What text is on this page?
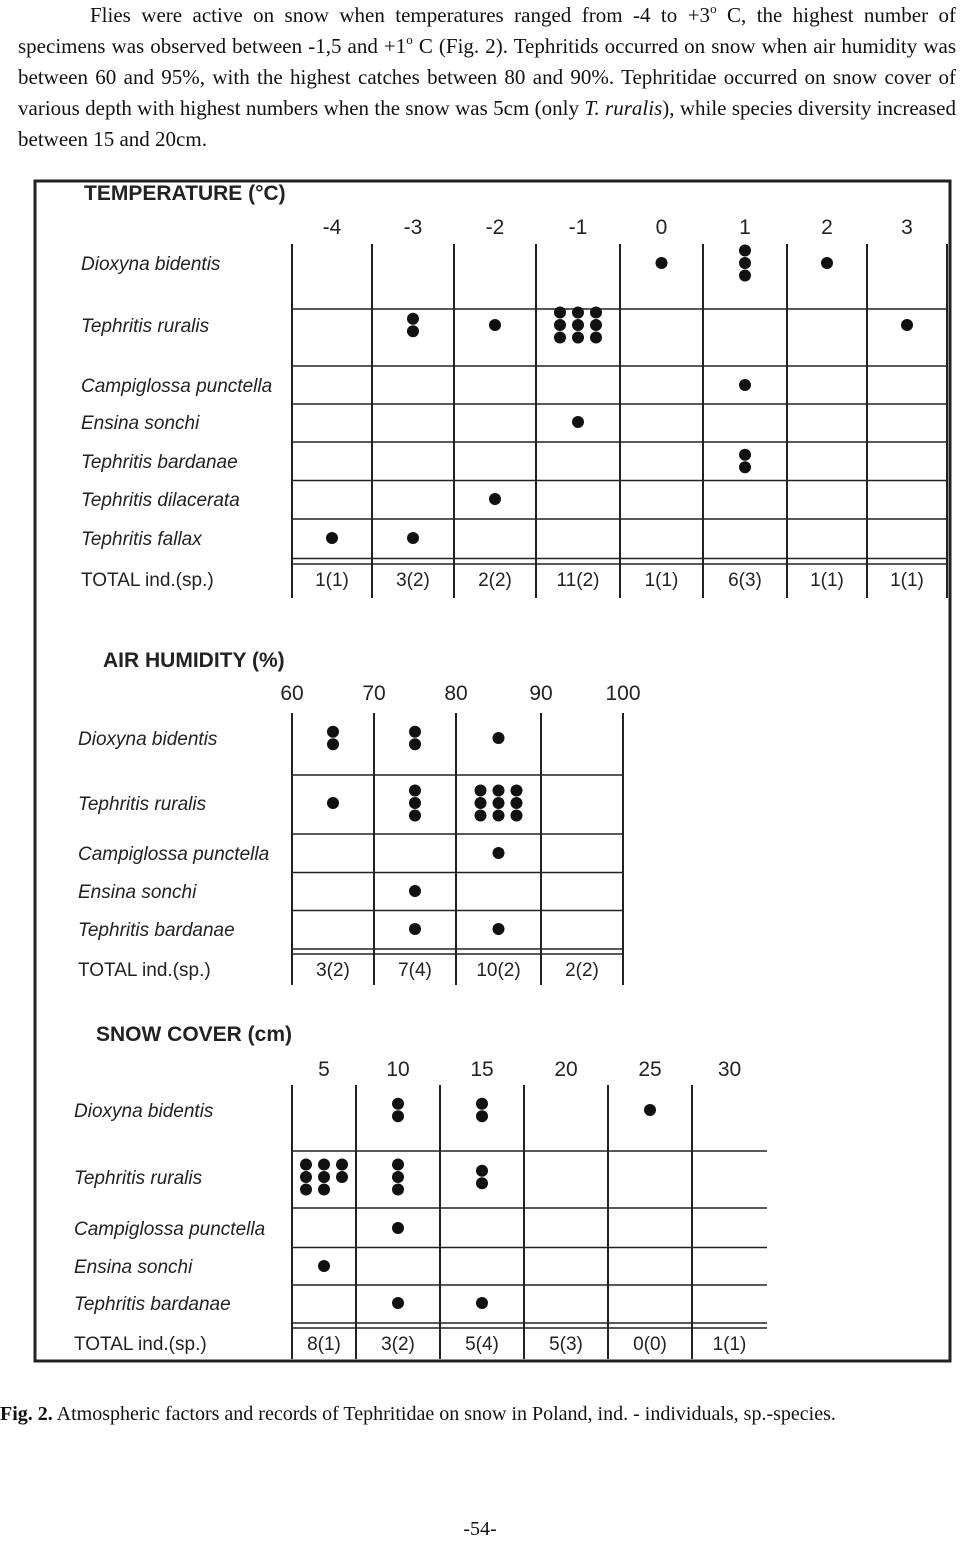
Flies were active on snow when temperatures ranged from -4 to $+3^o$ C, the highest number of specimens was observed between -1,5 and $+1^o$ C (Fig. 2). Tephritids occurred on snow when air humidity was between 60 and 95%, with the highest catches between 80 and 90%. Tephritidae occurred on snow cover of various depth with highest numbers when the snow was 5cm (only T. ruralis), while species diversity increased between 15 and 20cm.
TEMPERATURE (°C)
-4	-3	-2	-1	0	1	2	3
Dioxyna bidentis
Tephritis ruralis
Campiglossa punctella
Ensina sonchi
Tephritis bardanae
Tephritis dilacerata
Tephritis fallax
TOTAL ind.(sp.)	1(1) 3(2)	2(2) 11(2) 1(1)	6(3)	1(1) 1(1)
AIR HUMIDITY (%)
60	70	80	90	100
Dioxyna bidentis
Tephritis ruralis
Campiglossa punctella
Ensina sonchi
Tephritis bardanae
TOTAL ind.(sp.)	3(2)	7(4) 10(2) 2(2)
SNOW COVER (cm)
5	10	15	20	25	30
Dioxyna bidentis
Tephritis ruralis
Campiglossa punctella
Ensina sonchi
Tephritis bardanae
TOTAL ind.(sp.)	8(1) 3(2)	5(4)	5(3)	0(0) 1(1)

Fig. 2. Atmospheric factors and records of Tephritidae on snow in Poland, ind. - individuals, sp.-species.

-54-
